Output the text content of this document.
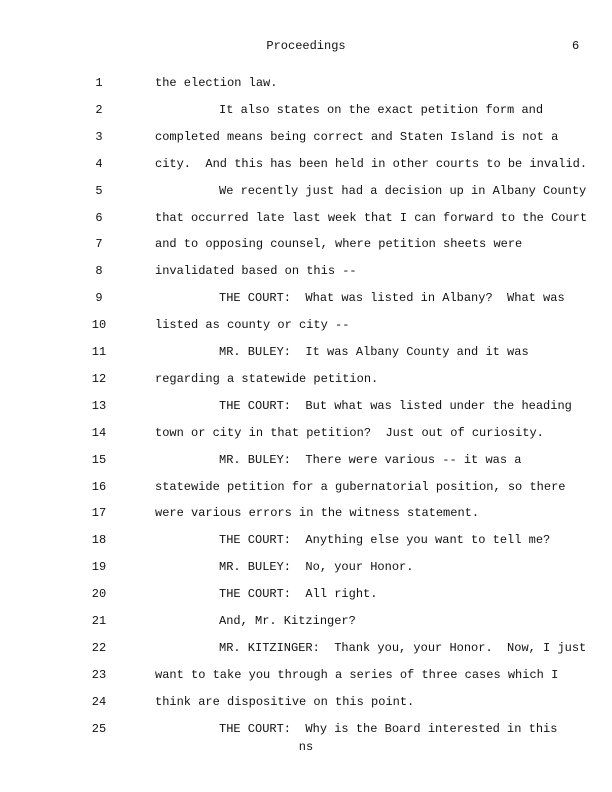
Proceedings	6
1	the election law.
2	It also states on the exact petition form and
3	completed means being correct and Staten Island is not a
4	city.  And this has been held in other courts to be invalid.
5	We recently just had a decision up in Albany County
6	that occurred late last week that I can forward to the Court
7	and to opposing counsel, where petition sheets were
8	invalidated based on this --
9	THE COURT:  What was listed in Albany?  What was
10	listed as county or city --
11	MR. BULEY:  It was Albany County and it was
12	regarding a statewide petition.
13	THE COURT:  But what was listed under the heading
14	town or city in that petition?  Just out of curiosity.
15	MR. BULEY:  There were various -- it was a
16	statewide petition for a gubernatorial position, so there
17	were various errors in the witness statement.
18	THE COURT:  Anything else you want to tell me?
19	MR. BULEY:  No, your Honor.
20	THE COURT:  All right.
21	And, Mr. Kitzinger?
22	MR. KITZINGER:  Thank you, your Honor.  Now, I just
23	want to take you through a series of three cases which I
24	think are dispositive on this point.
25	THE COURT:  Why is the Board interested in this
ns
